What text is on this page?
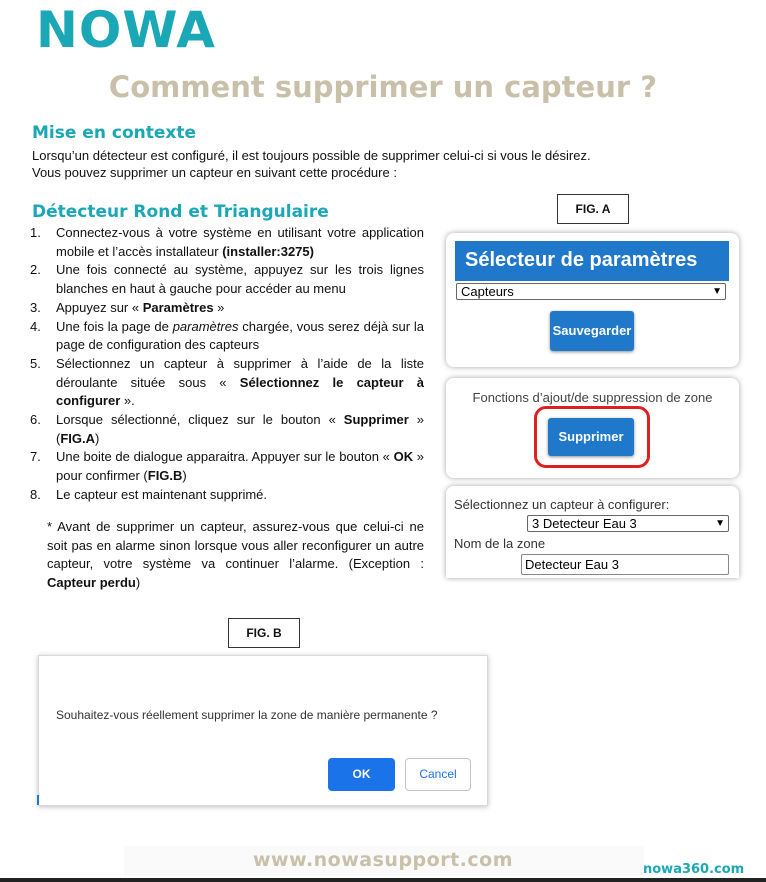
NOWA
Comment supprimer un capteur ?
Mise en contexte
Lorsqu’un détecteur est configuré, il est toujours possible de supprimer celui-ci si vous le désirez.
Vous pouvez supprimer un capteur en suivant cette procédure :
Détecteur Rond et Triangulaire
1. Connectez-vous à votre système en utilisant votre application mobile et l’accès installateur (installer:3275)
2. Une fois connecté au système, appuyez sur les trois lignes blanches en haut à gauche pour accéder au menu
3. Appuyez sur « Paramètres »
4. Une fois la page de paramètres chargée, vous serez déjà sur la page de configuration des capteurs
5. Sélectionnez un capteur à supprimer à l’aide de la liste déroulante située sous « Sélectionnez le capteur à configurer ».
6. Lorsque sélectionné, cliquez sur le bouton « Supprimer » (FIG.A)
7. Une boite de dialogue apparaitra. Appuyer sur le bouton « OK » pour confirmer (FIG.B)
8. Le capteur est maintenant supprimé.
* Avant de supprimer un capteur, assurez-vous que celui-ci ne soit pas en alarme sinon lorsque vous aller reconfigurer un autre capteur, votre système va continuer l’alarme. (Exception : Capteur perdu)
FIG. A
Sélecteur de paramètres
Capteurs	▼
Sauvegarder
Fonctions d’ajout/de suppression de zone
Supprimer
Sélectionnez un capteur à configurer:
3 Detecteur Eau 3	▼
Nom de la zone
Detecteur Eau 3
FIG. B
Souhaitez-vous réellement supprimer la zone de manière permanente ?
OK	Cancel
www.nowasupport.com	nowa360.com
